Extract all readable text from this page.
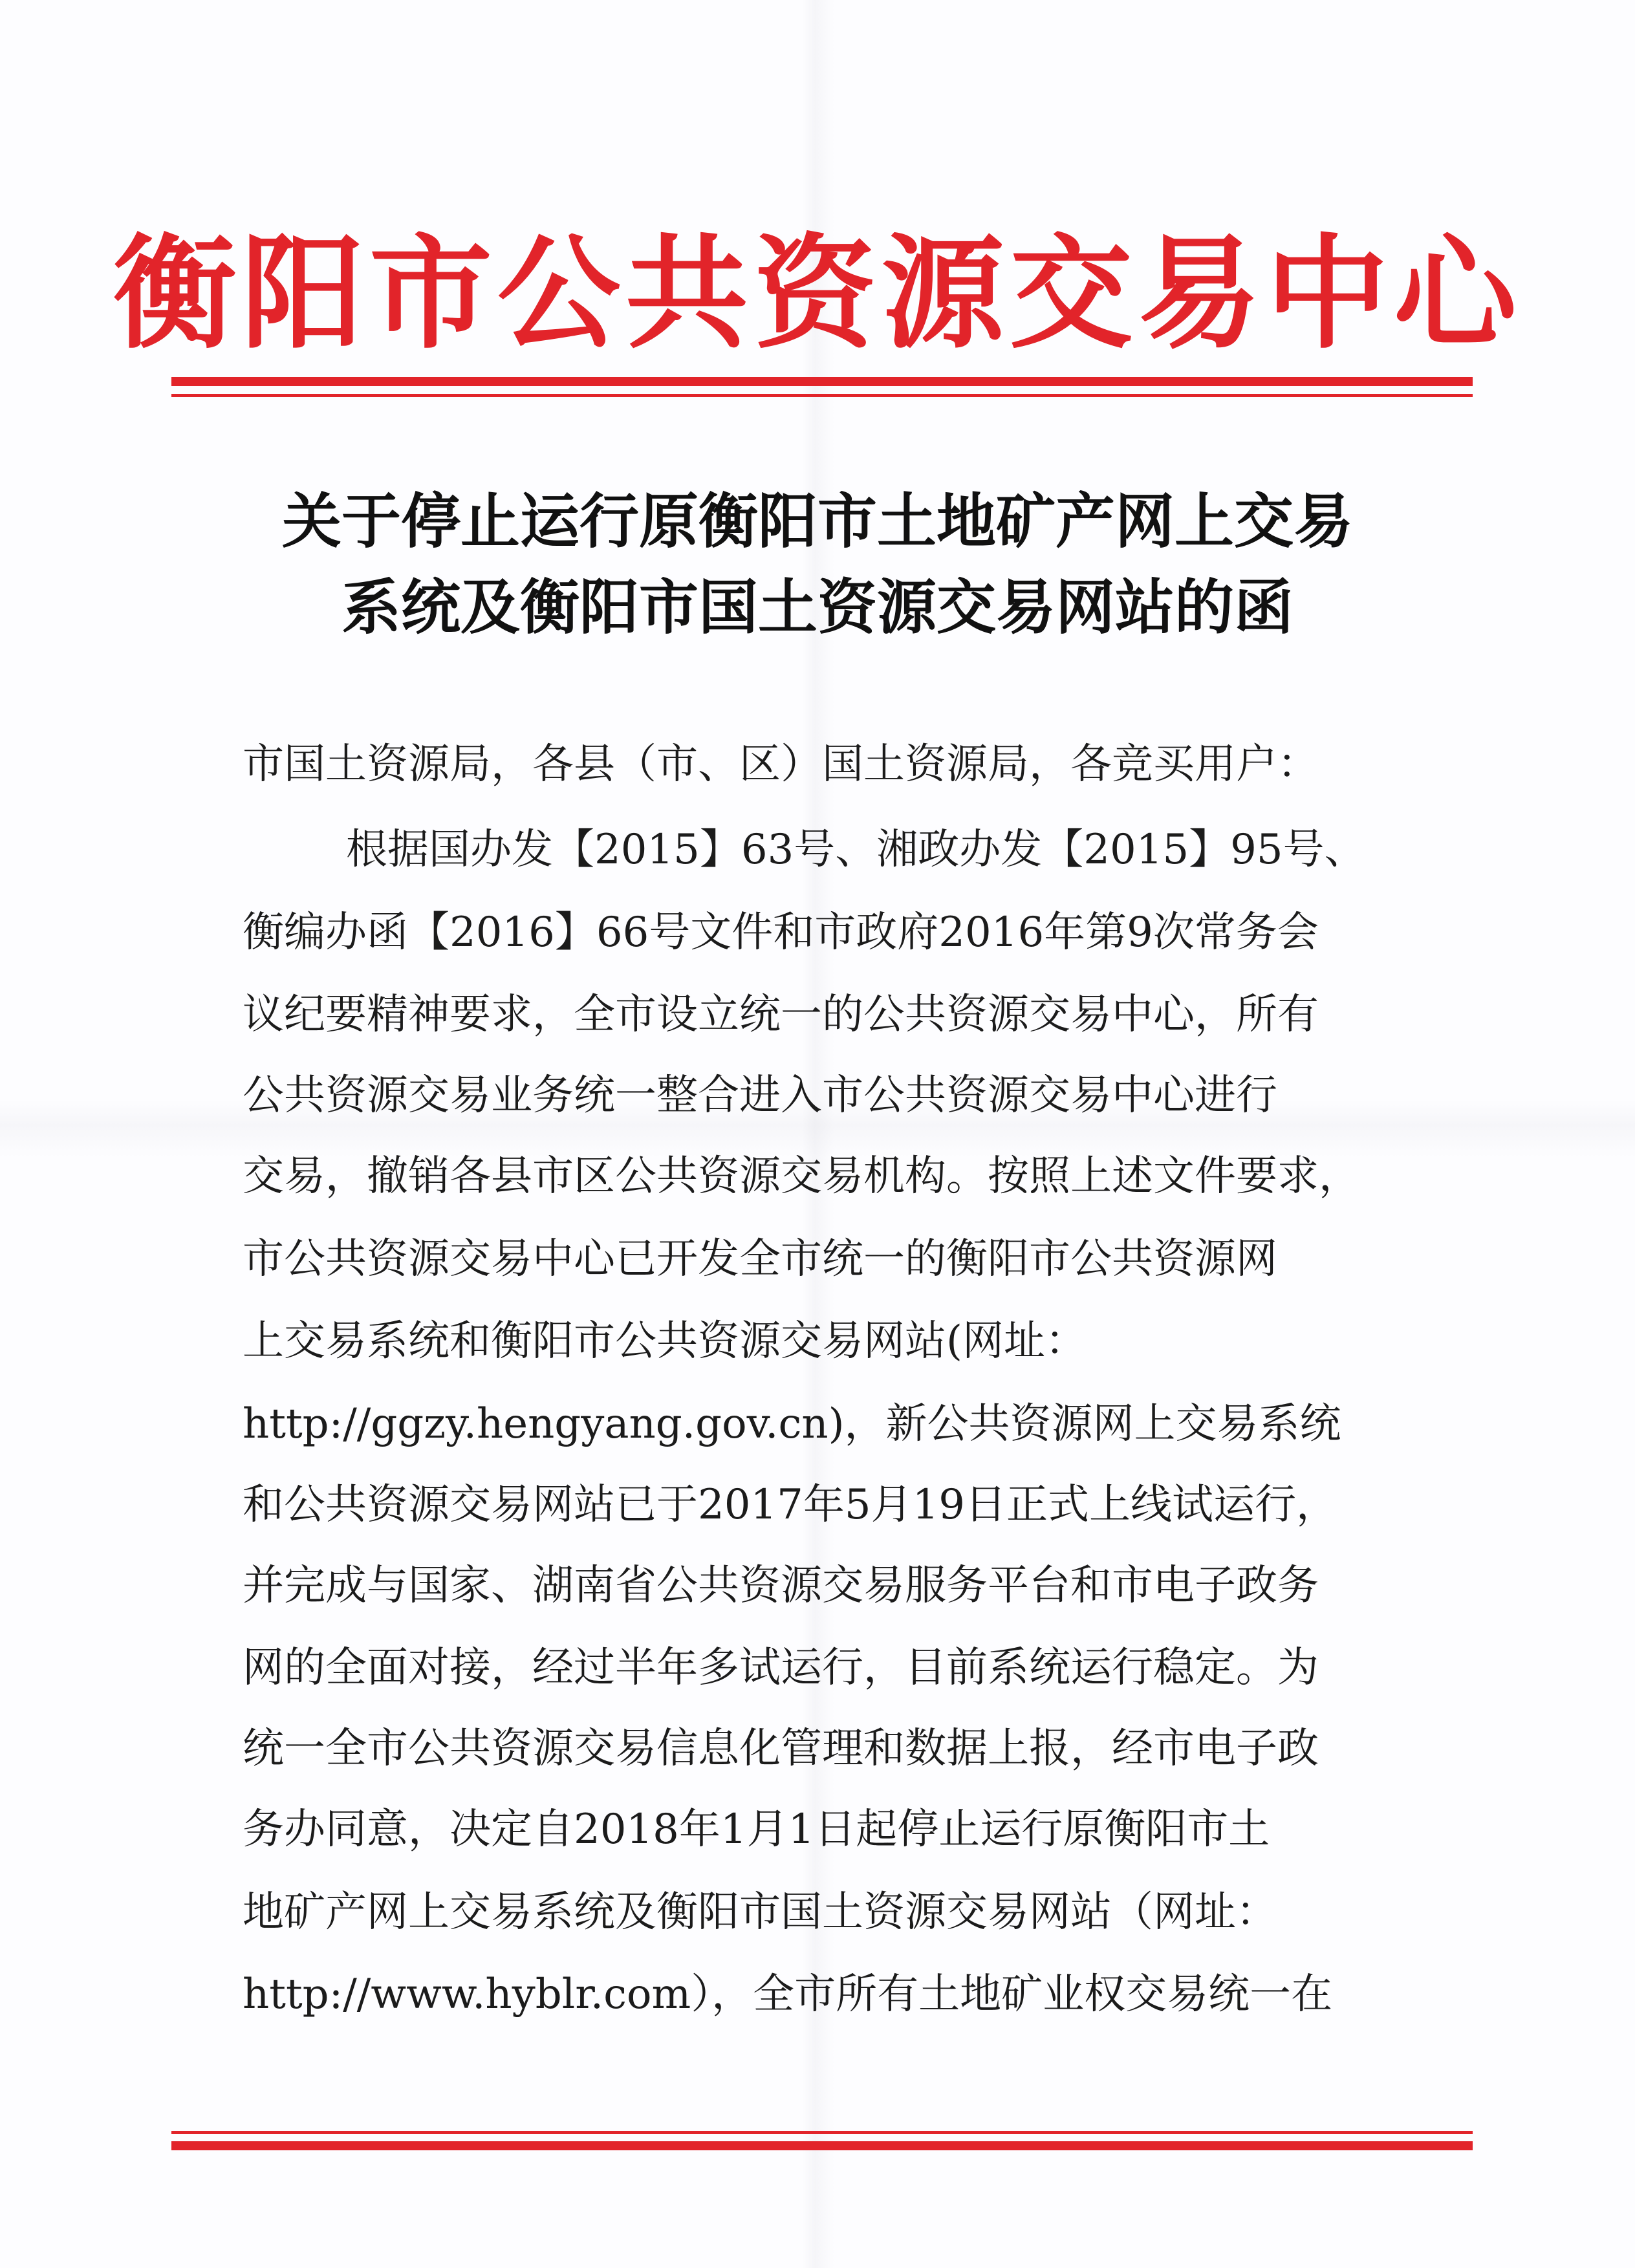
衡阳市公共资源交易中心
关于停止运行原衡阳市土地矿产网上交易
系统及衡阳市国土资源交易网站的函
市国土资源局，各县（市、区）国土资源局，各竞买用户：
根据国办发【2015】63号、湘政办发【2015】95号、
衡编办函【2016】66号文件和市政府2016年第9次常务会
议纪要精神要求，全市设立统一的公共资源交易中心，所有
公共资源交易业务统一整合进入市公共资源交易中心进行
交易，撤销各县市区公共资源交易机构。按照上述文件要求，
市公共资源交易中心已开发全市统一的衡阳市公共资源网
上交易系统和衡阳市公共资源交易网站(网址：
http://ggzy.hengyang.gov.cn)，新公共资源网上交易系统
和公共资源交易网站已于2017年5月19日正式上线试运行，
并完成与国家、湖南省公共资源交易服务平台和市电子政务
网的全面对接，经过半年多试运行，目前系统运行稳定。为
统一全市公共资源交易信息化管理和数据上报，经市电子政
务办同意，决定自2018年1月1日起停止运行原衡阳市土
地矿产网上交易系统及衡阳市国土资源交易网站（网址：
http://www.hyblr.com），全市所有土地矿业权交易统一在
